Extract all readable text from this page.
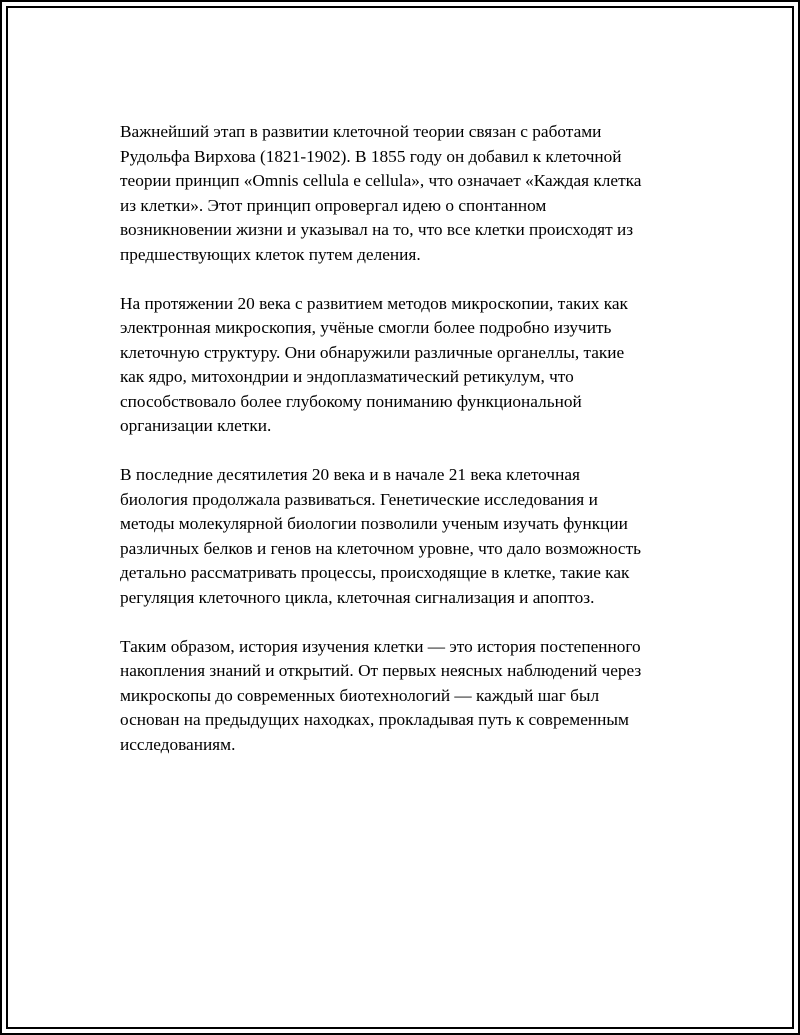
Важнейший этап в развитии клеточной теории связан с работами
Рудольфа Вирхова (1821-1902). В 1855 году он добавил к клеточной
теории принцип «Omnis cellula e cellula», что означает «Каждая клетка
из клетки». Этот принцип опровергал идею о спонтанном
возникновении жизни и указывал на то, что все клетки происходят из
предшествующих клеток путем деления.

На протяжении 20 века с развитием методов микроскопии, таких как
электронная микроскопия, учёные смогли более подробно изучить
клеточную структуру. Они обнаружили различные органеллы, такие
как ядро, митохондрии и эндоплазматический ретикулум, что
способствовало более глубокому пониманию функциональной
организации клетки.

В последние десятилетия 20 века и в начале 21 века клеточная
биология продолжала развиваться. Генетические исследования и
методы молекулярной биологии позволили ученым изучать функции
различных белков и генов на клеточном уровне, что дало возможность
детально рассматривать процессы, происходящие в клетке, такие как
регуляция клеточного цикла, клеточная сигнализация и апоптоз.

Таким образом, история изучения клетки — это история постепенного
накопления знаний и открытий. От первых неясных наблюдений через
микроскопы до современных биотехнологий — каждый шаг был
основан на предыдущих находках, прокладывая путь к современным
исследованиям.
